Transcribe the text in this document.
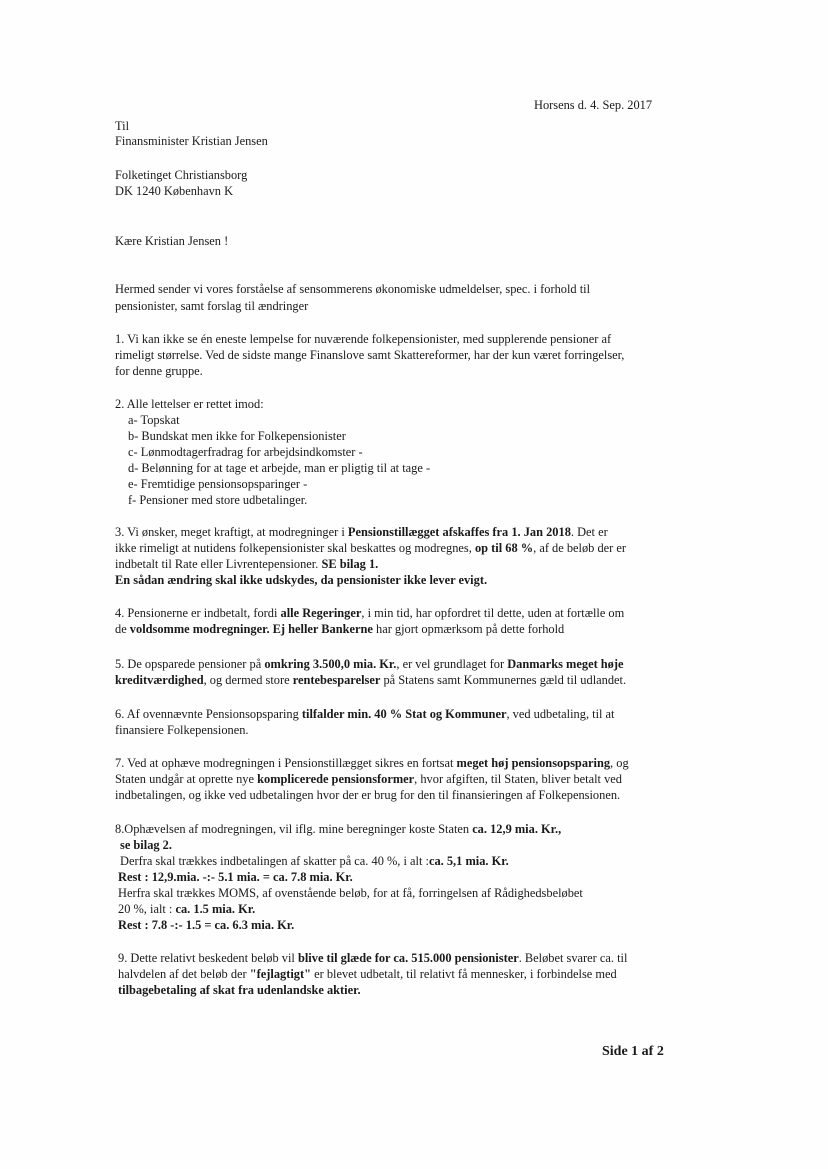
Horsens d. 4. Sep. 2017
Til
Finansminister Kristian Jensen
Folketinget Christiansborg
DK 1240 København K
Kære Kristian Jensen !
Hermed sender vi vores forståelse af sensommerens økonomiske udmeldelser, spec. i forhold til
pensionister, samt forslag til ændringer
1. Vi kan ikke se én eneste lempelse for nuværende folkepensionister, med supplerende pensioner af
rimeligt størrelse. Ved de sidste mange Finanslove samt Skattereformer, har der kun været forringelser,
for denne gruppe.
2. Alle lettelser er rettet imod:
a- Topskat
b- Bundskat men ikke for Folkepensionister
c- Lønmodtagerfradrag for arbejdsindkomster -
d- Belønning for at tage et arbejde, man er pligtig til at tage -
e- Fremtidige pensionsopsparinger -
f- Pensioner med store udbetalinger.
3. Vi ønsker, meget kraftigt, at modregninger i Pensionstillægget afskaffes fra 1. Jan 2018. Det er
ikke rimeligt at nutidens folkepensionister skal beskattes og modregnes, op til 68 %, af de beløb der er
indbetalt til Rate eller Livrentepensioner. SE bilag 1.
En sådan ændring skal ikke udskydes, da pensionister ikke lever evigt.
4. Pensionerne er indbetalt, fordi alle Regeringer, i min tid, har opfordret til dette, uden at fortælle om
de voldsomme modregninger. Ej heller Bankerne har gjort opmærksom på dette forhold
5. De opsparede pensioner på omkring 3.500,0 mia. Kr., er vel grundlaget for Danmarks meget høje
kreditværdighed, og dermed store rentebesparelser på Statens samt Kommunernes gæld til udlandet.
6. Af ovennævnte Pensionsopsparing tilfalder min. 40 % Stat og Kommuner, ved udbetaling, til at
finansiere Folkepensionen.
7. Ved at ophæve modregningen i Pensionstillægget sikres en fortsat meget høj pensionsopsparing, og
Staten undgår at oprette nye komplicerede pensionsformer, hvor afgiften, til Staten, bliver betalt ved
indbetalingen, og ikke ved udbetalingen hvor der er brug for den til finansieringen af Folkepensionen.
8.Ophævelsen af modregningen, vil iflg. mine beregninger koste Staten ca. 12,9 mia. Kr.,
se bilag 2.
Derfra skal trækkes indbetalingen af skatter på ca. 40 %, i alt :ca. 5,1 mia. Kr.
Rest : 12,9.mia. -:- 5.1 mia. = ca. 7.8 mia. Kr.
Herfra skal trækkes MOMS, af ovenstående beløb, for at få, forringelsen af Rådighedsbeløbet
20 %, ialt : ca. 1.5 mia. Kr.
Rest : 7.8 -:- 1.5 = ca. 6.3 mia. Kr.
9. Dette relativt beskedent beløb vil blive til glæde for ca. 515.000 pensionister. Beløbet svarer ca. til
halvdelen af det beløb der "fejlagtigt" er blevet udbetalt, til relativt få mennesker, i forbindelse med
tilbagebetaling af skat fra udenlandske aktier.
Side 1 af 2
